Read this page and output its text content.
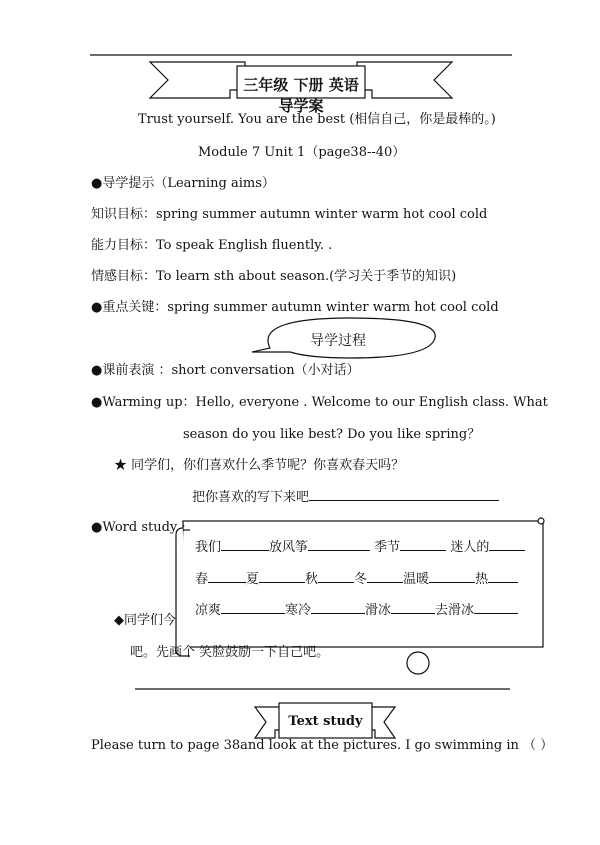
三年级 下册 英语导学案
Trust yourself. You are the best (相信自己，你是最棒的。)
Module 7 Unit 1（page38--40）
●导学提示（Learning aims）
知识目标：spring summer autumn winter warm hot cool cold
能力目标：To speak English fluently. .
情感目标：To learn sth about season.(学习关于季节的知识)
●重点关键：spring summer autumn winter warm hot cool cold
导学过程
●课前表演 ：short conversation（小对话）
●Warming up：Hello, everyone . Welcome to our English class. What
season do you like best? Do you like spring？
★ 同学们，你们喜欢什么季节呢？你喜欢春天吗？
把你喜欢的写下来吧
●Word study :
◆同学们今
吧。先画个 笑脸鼓励一下自己吧。
我们	放风筝	季节	迷人的
春	夏	秋	冬	温暖	热
凉爽	寒冷	滑冰	去滑冰
Text study
Please turn to page 38and look at the pictures. I go swimming in （ ）
